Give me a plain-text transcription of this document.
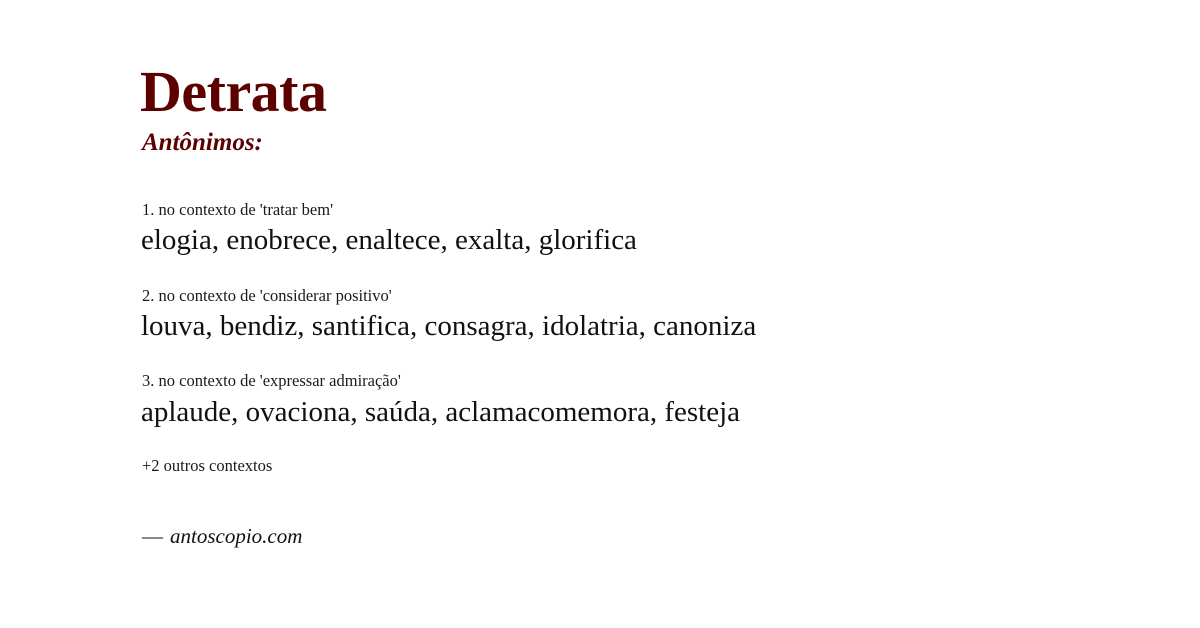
Detrata
Antônimos:
1. no contexto de 'tratar bem'
elogia, enobrece, enaltece, exalta, glorifica
2. no contexto de 'considerar positivo'
louva, bendiz, santifica, consagra, idolatria, canoniza
3. no contexto de 'expressar admiração'
aplaude, ovaciona, saúda, aclamacomemora, festeja
+2 outros contextos
— antoscopio.com
